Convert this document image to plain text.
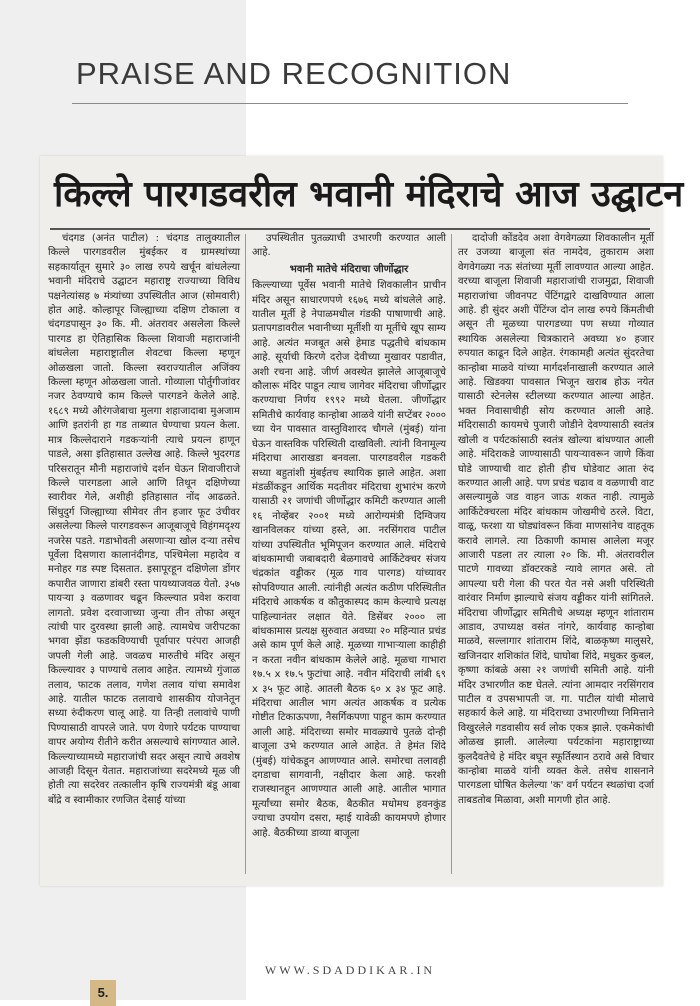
PRAISE AND RECOGNITION
किल्ले पारगडवरील भवानी मंदिराचे आज उद्घाटन
चंदगड (अनंत पाटील) : चंदगड तालुक्यातील किल्ले पारगडवरील मुंबईकर व ग्रामस्थांच्या सहकार्यातून सुमारे ३० लाख रुपये खर्चून बांधलेल्या भवानी मंदिराचे उद्घाटन महाराष्ट्र राज्याच्या विविध पक्षनेत्यांसह ७ मंत्र्यांच्या उपस्थितीत आज (सोमवारी) होत आहे. कोल्हापूर जिल्ह्याच्या दक्षिण टोकाला व चंदगडपासून ३० कि. मी. अंतरावर असलेला किल्ले पारगड हा ऐतिहासिक किल्ला शिवाजी महाराजांनी बांधलेला महाराष्ट्रातील शेवटचा किल्ला म्हणून ओळखला जातो. किल्ला स्वराज्यातील अजिंक्य किल्ला म्हणून ओळखला जातो. गोव्याला पोर्तुगीजांवर नजर ठेवण्याचे काम किल्ले पारगडने केलेले आहे. १६८९ मध्ये औरंगजेबाचा मुलगा शहाजादाबा मुअजाम आणि इतरांनी हा गड ताब्यात घेण्याचा प्रयत्न केला. मात्र किल्लेदाराने गडकऱ्यांनी त्याचे प्रयत्न हाणून पाडले, असा इतिहासात उल्लेख आहे. किल्ले भुदरगड परिसरातून मौनी महाराजांचे दर्शन घेऊन शिवाजीराजे किल्ले पारगडला आले आणि तिथून दक्षिणेच्या स्वारीवर गेले, अशीही इतिहासात नोंद आढळते. सिंधुदुर्ग जिल्ह्याच्या सीमेवर तीन हजार फूट उंचीवर असलेल्या किल्ले पारगडवरून आजूबाजूचे विहंगमदृश्य नजरेस पडते. गडाभोवती असणाऱ्या खोल दऱ्या तसेच पूर्वेला दिसणारा कालानंदीगड, पश्चिमेला महादेव व मनोहर गड स्पष्ट दिसतात. इसापूरहून दक्षिणेला डोंगर कपारीत जाणारा डांबरी रस्ता पायथ्याजवळ येतो. ३५७ पायऱ्या ३ वळणावर चढून किल्ल्यात प्रवेश करावा लागतो. प्रवेश दरवाजाच्या जुन्या तीन तोफा असून त्यांची पार दुरवस्था झाली आहे. त्यामधेच जरीपटका भगवा झेंडा फडकविण्याची पूर्वापार परंपरा आजही जपली गेली आहे. जवळच मारुतीचे मंदिर असून किल्ल्यावर ३ पाण्याचे तलाव आहेत. त्यामध्ये गुंजाळ तलाव, फाटक तलाव, गणेश तलाव यांचा समावेश आहे. यातील फाटक तलावाचे शासकीय योजनेतून सध्या रुंदीकरण चालू आहे. या तिन्ही तलावांचे पाणी पिण्यासाठी वापरले जाते. पण येणारे पर्यटक पाण्याचा वापर अयोग्य रीतीने करीत असल्याचे सांगण्यात आले. किल्ल्याच्यामध्ये महाराजांची सदर असून त्याचे अवशेष आजही दिसून येतात. महाराजांच्या सदरेमध्ये मूळ जी होती त्या सदरेवर तत्कालीन कृषि राज्यमंत्री बंडू आबा बोंद्रे व स्वामीकार रणजित देसाई यांच्या
उपस्थितीत पुतळ्याची उभारणी करण्यात आली आहे.
भवानी मातेचे मंदिराचा जीर्णोद्धार
किल्ल्याच्या पूर्वेस भवानी मातेचे शिवकालीन प्राचीन मंदिर असून साधारणपणे १६७६ मध्ये बांधलेले आहे. यातील मूर्ती हे नेपाळमधील गंडकी पाषाणाची आहे. प्रतापगडावरील भवानीच्या मूर्तीशी या मूर्तीचे खूप साम्य आहे. अत्यंत मजबूत असे हेमाड पद्धतीचे बांधकाम आहे. सूर्याची किरणे दरोज देवीच्या मुखावर पडावीत, अशी रचना आहे. जीर्ण अवस्थेत झालेले आजूबाजूचे कौलारू मंदिर पाडून त्याच जागेवर मंदिराचा जीर्णोद्धार करण्याचा निर्णय १९९२ मध्ये घेतला. जीर्णोद्धार समितीचे कार्यवाह कान्होबा आळवे यांनी सप्टेंबर २००० च्या येन पावसात वास्तुविशारद चौगले (मुंबई) यांना घेऊन वास्तविक परिस्थिती दाखविली. त्यांनी विनामूल्य मंदिराचा आराखडा बनवला. पारगडवरील गडकरी सध्या बहुतांशी मुंबईतच स्थायिक झाले आहेत. अशा मंडळींकडून आर्थिक मदतीवर मंदिराचा शुभारंभ करणे यासाठी २१ जणांची जीर्णोद्धार कमिटी करण्यात आली १६ नोव्हेंबर २००१ मध्ये आरोग्यमंत्री दिग्विजय खानविलकर यांच्या हस्ते, आ. नरसिंगराव पाटील यांच्या उपस्थितीत भूमिपूजन करण्यात आले. मंदिराचे बांधकामाची जबाबदारी बेळगावचे आर्किटेक्चर संजय चंद्रकांत वड्डीकर (मूळ गाव पारगड) यांच्यावर सोपविण्यात आली. त्यांनीही अत्यंत कठीण परिस्थितीत मंदिराचे आकर्षक व कौतुकास्पद काम केल्याचे प्रत्यक्ष पाहिल्यानंतर लक्षात येते. डिसेंबर २००० ला बांधकामास प्रत्यक्ष सुरुवात अवघ्या २० महिन्यात प्रचंड असे काम पूर्ण केले आहे. मूळच्या गाभाऱ्याला काहीही न करता नवीन बांधकाम केलेले आहे. मूळचा गाभारा १७.५ x १७.५ फुटांचा आहे. नवीन मंदिराची लांबी ६९ x ३५ फूट आहे. आतली बैठक ६० x ३४ फूट आहे. मंदिराचा आतील भाग अत्यंत आकर्षक व प्रत्येक गोष्टीत टिकाऊपणा, नैसर्गिकपणा पाहून काम करण्यात आली आहे. मंदिराच्या समोर मावळ्याचे पुतळे दोन्ही बाजूला उभे करण्यात आले आहेत. ते हेमंत शिंदे (मुंबई) यांचेकडून आणण्यात आले. समोरचा तलावही दगडाचा सागवानी, नक्षीदार केला आहे. फरशी राजस्थानहून आणण्यात आली आहे. आतील भागात मूर्त्यांच्या समोर बैठक, बैठकीत मधोमध हवनकुंड ज्याचा उपयोग दसरा, म्हाई यावेळी कायमपणे होणार आहे. बैठकीच्या डाव्या बाजूला
दादोजी कोंडदेव अशा वेगवेगळ्या शिवकालीन मूर्ती तर उजव्या बाजूला संत नामदेव, तुकाराम अशा वेगवेगळ्या नऊ संतांच्या मूर्ती लावण्यात आल्या आहेत. वरच्या बाजूला शिवाजी महाराजांची राजमुद्रा, शिवाजी महाराजांचा जीवनपट पेंटिंगद्वारे दाखविण्यात आला आहे. ही सुंदर अशी पेंटिंग्ज दोन लाख रुपये किंमतीची असून ती मूळच्या पारगडच्या पण सध्या गोव्यात स्थायिक असलेल्या चित्रकाराने अवघ्या ४० हजार रुपयात काढून दिले आहेत. रंगकामही अत्यंत सुंदरतेचा कान्होबा माळवे यांच्या मार्गदर्शनाखाली करण्यात आले आहे. खिडक्या पावसात भिजून खराब होऊ नयेत यासाठी स्टेनलेस स्टीलच्या करण्यात आल्या आहेत. भक्त निवासाचीही सोय करण्यात आली आहे. मंदिरासाठी कायमचे पुजारी जोडीने देवण्यासाठी स्वतंत्र खोली व पर्यटकांसाठी स्वतंत्र खोल्या बांधण्यात आली आहे. मंदिराकडे जाण्यासाठी पायऱ्यावरून जाणे किंवा घोडे जाण्याची वाट होती हीच घोडेवाट आता रुंद करण्यात आली आहे. पण प्रचंड चढाव व वळणाची वाट असल्यामुळे जड वाहन जाऊ शकत नाही. त्यामुळे आर्किटेक्चरला मंदिर बांधकाम जोखमीचे ठरले. विटा, वाळू, फरशा या घोड्यांवरून किंवा माणसांनेच वाहतूक करावे लागले. त्या ठिकाणी कामास आलेला मजूर आजारी पडला तर त्याला २० कि. मी. अंतरावरील पाटणे गावच्या डॉक्टरकडे न्यावे लागत असे. तो आपल्या घरी गेला की परत येत नसे अशी परिस्थिती वारंवार निर्माण झाल्याचे संजय वड्डीकर यांनी सांगितले. मंदिराचा जीर्णोद्धार समितीचे अध्यक्ष म्हणून शांताराम आडाव, उपाध्यक्ष वसंत नांगरे, कार्यवाह कान्होबा माळवे, सल्लागार शांताराम शिंदे, बाळकृष्ण मालुसरे, खजिनदार शशिकांत शिंदे, घाघोबा शिंदे, मधुकर कुबल, कृष्णा कांबळे असा २१ जणांची समिती आहे. यांनी मंदिर उभारणीत कष्ट घेतले. त्यांना आमदार नरसिंगराव पाटील व उपसभापती ज. गा. पाटील यांची मोलाचे सहकार्य केले आहे. या मंदिराच्या उभारणीच्या निमित्ताने विखुरलेले गडवासीय सर्व लोक एकत्र झाले. एकमेकांची ओळख झाली. आलेल्या पर्यटकांना महाराष्ट्राच्या कुलदैवतेचे हे मंदिर बघून स्फूर्तिस्थान ठरावे असे विचार कान्होबा माळवे यांनी व्यक्त केले. तसेच शासनाने पारगडला घोषित केलेल्या 'क' वर्ग पर्यटन स्थळांचा दर्जा ताबडतोब मिळावा, अशी मागणी होत आहे.
5.
WWW.SDADDIKAR.IN
